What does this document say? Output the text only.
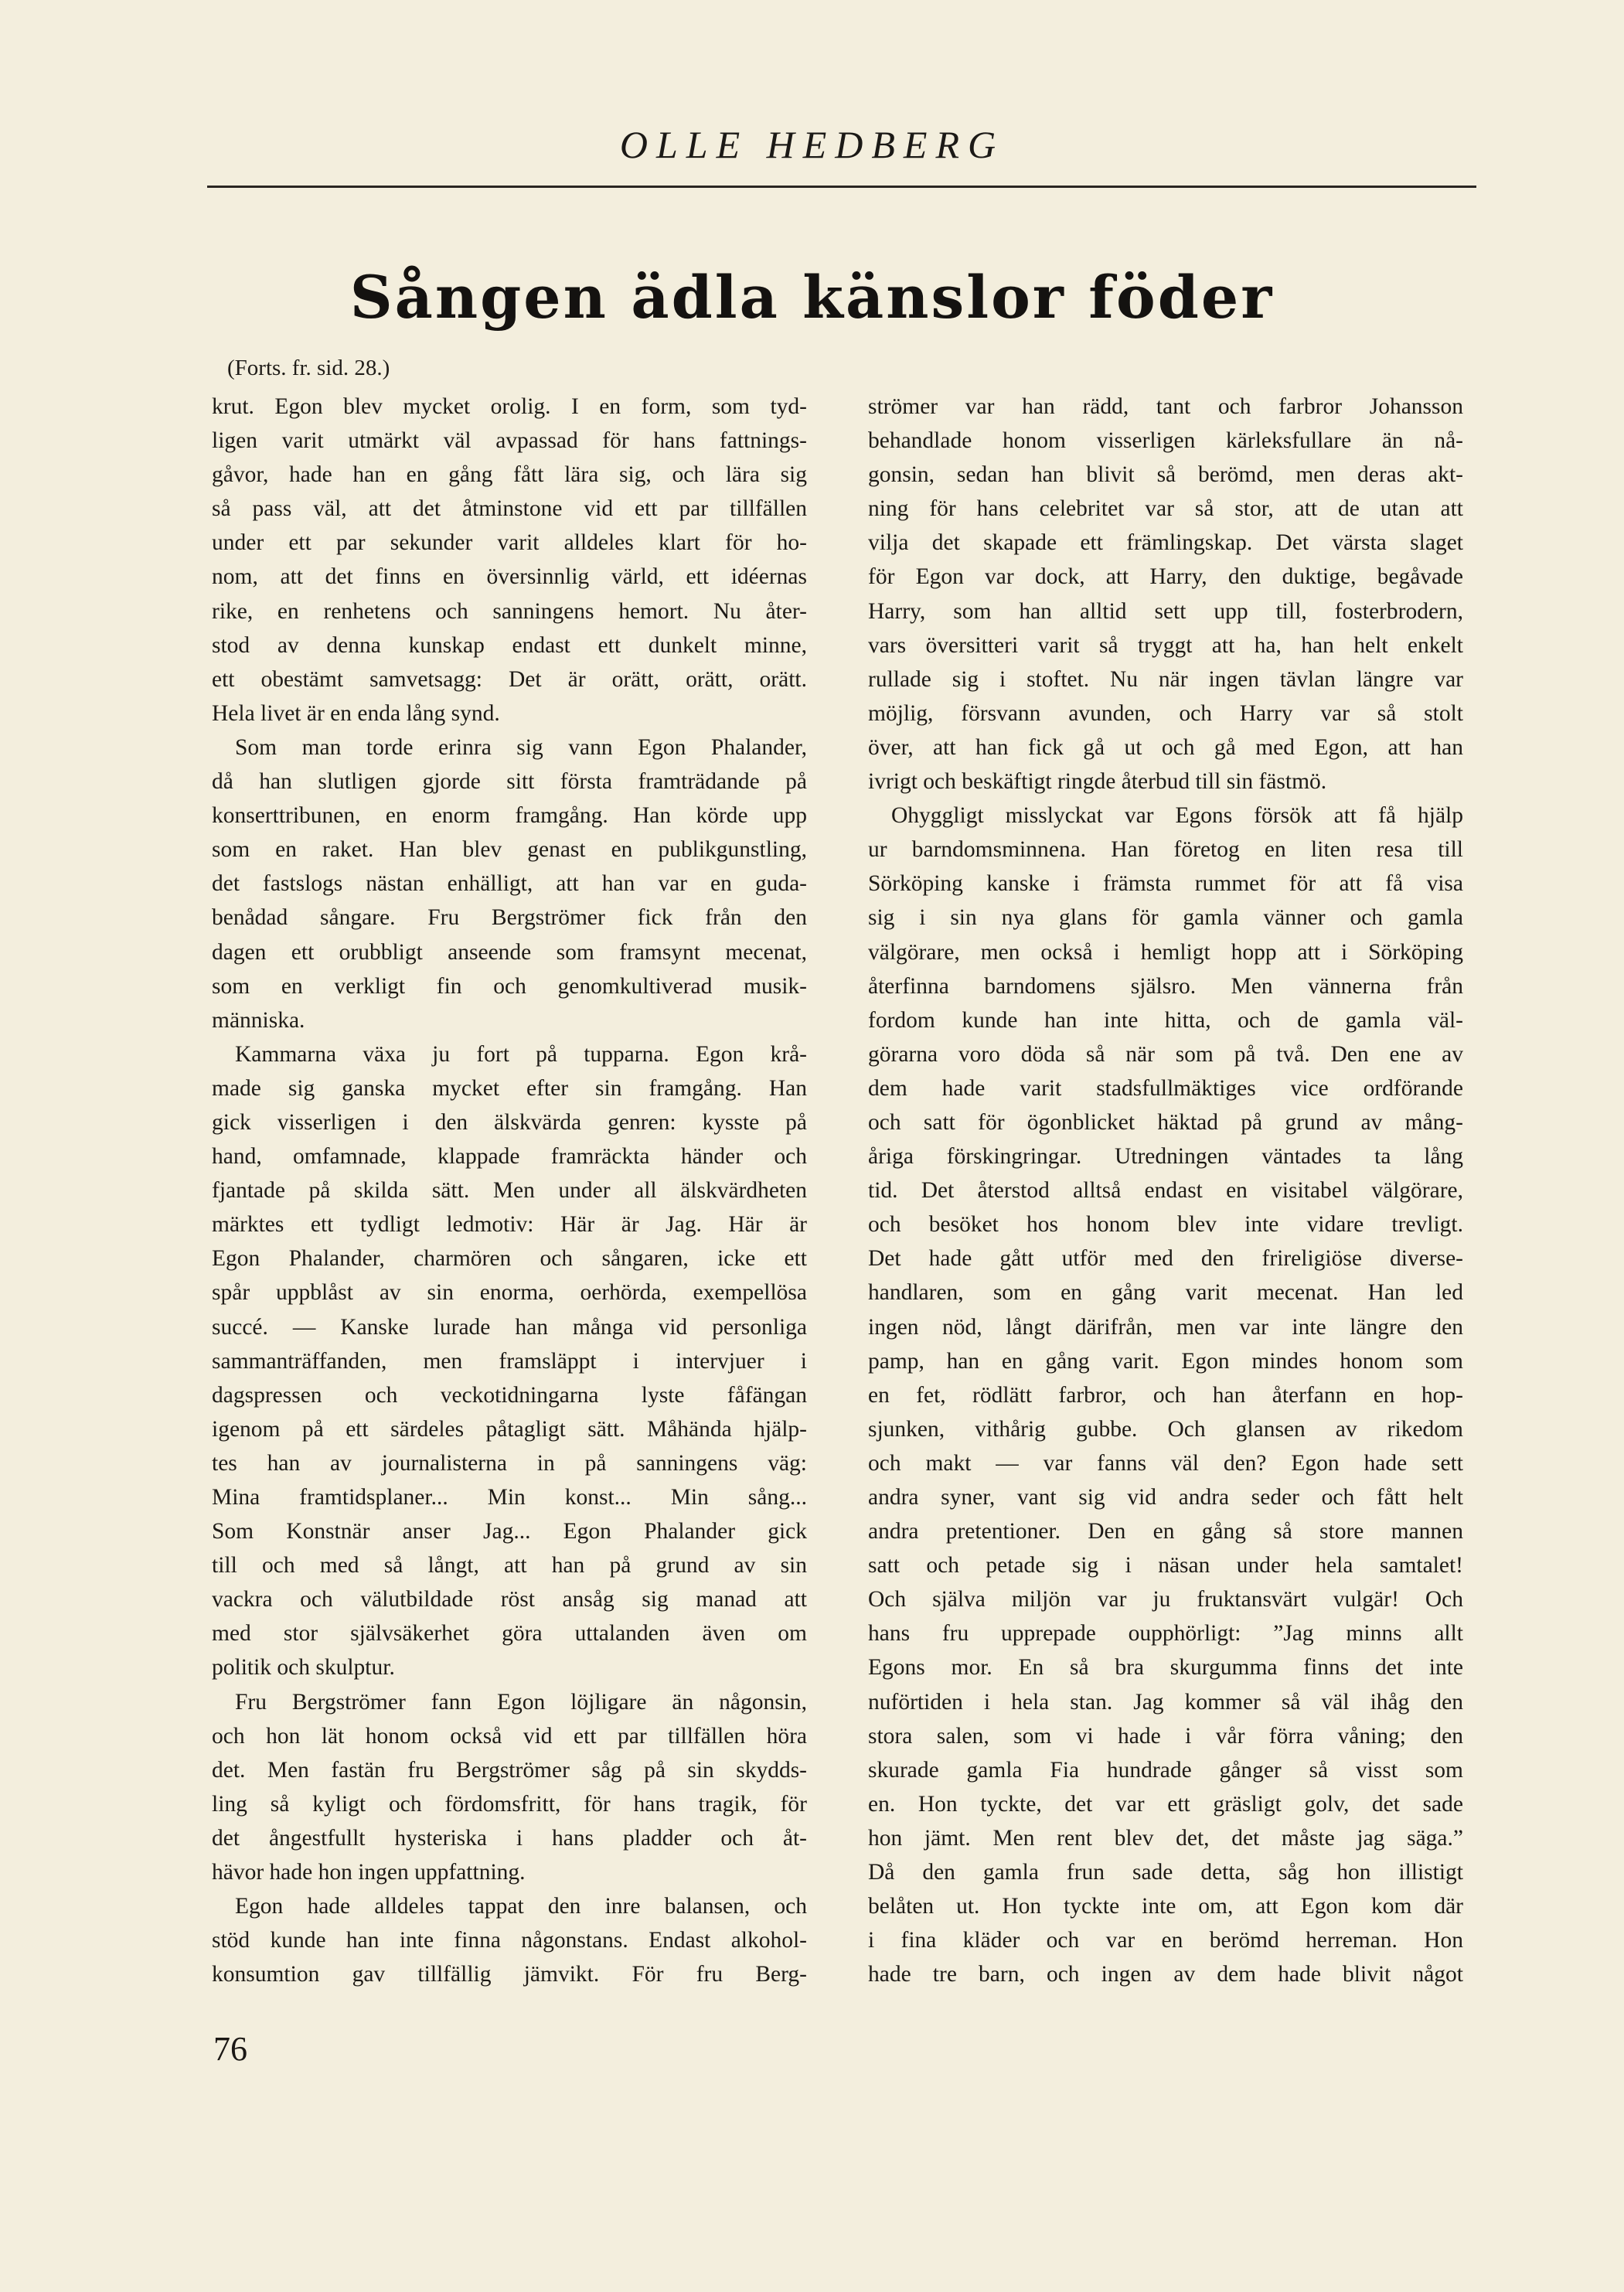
OLLE HEDBERG
Sången ädla känslor föder
(Forts. fr. sid. 28.)
krut. Egon blev mycket orolig. I en form, som tyd-
ligen varit utmärkt väl avpassad för hans fattnings-
gåvor, hade han en gång fått lära sig, och lära sig
så pass väl, att det åtminstone vid ett par tillfällen
under ett par sekunder varit alldeles klart för ho-
nom, att det finns en översinnlig värld, ett idéernas
rike, en renhetens och sanningens hemort. Nu åter-
stod av denna kunskap endast ett dunkelt minne,
ett obestämt samvetsagg: Det är orätt, orätt, orätt.
Hela livet är en enda lång synd.
Som man torde erinra sig vann Egon Phalander,
då han slutligen gjorde sitt första framträdande på
konserttribunen, en enorm framgång. Han körde upp
som en raket. Han blev genast en publikgunstling,
det fastslogs nästan enhälligt, att han var en guda-
benådad sångare. Fru Bergströmer fick från den
dagen ett orubbligt anseende som framsynt mecenat,
som en verkligt fin och genomkultiverad musik-
människa.
Kammarna växa ju fort på tupparna. Egon krå-
made sig ganska mycket efter sin framgång. Han
gick visserligen i den älskvärda genren: kysste på
hand, omfamnade, klappade framräckta händer och
fjantade på skilda sätt. Men under all älskvärdheten
märktes ett tydligt ledmotiv: Här är Jag. Här är
Egon Phalander, charmören och sångaren, icke ett
spår uppblåst av sin enorma, oerhörda, exempellösa
succé. — Kanske lurade han många vid personliga
sammanträffanden, men framsläppt i intervjuer i
dagspressen och veckotidningarna lyste fåfängan
igenom på ett särdeles påtagligt sätt. Måhända hjälp-
tes han av journalisterna in på sanningens väg:
Mina framtidsplaner... Min konst... Min sång...
Som Konstnär anser Jag... Egon Phalander gick
till och med så långt, att han på grund av sin
vackra och välutbildade röst ansåg sig manad att
med stor självsäkerhet göra uttalanden även om
politik och skulptur.
Fru Bergströmer fann Egon löjligare än någonsin,
och hon lät honom också vid ett par tillfällen höra
det. Men fastän fru Bergströmer såg på sin skydds-
ling så kyligt och fördomsfritt, för hans tragik, för
det ångestfullt hysteriska i hans pladder och åt-
hävor hade hon ingen uppfattning.
Egon hade alldeles tappat den inre balansen, och
stöd kunde han inte finna någonstans. Endast alkohol-
konsumtion gav tillfällig jämvikt. För fru Berg-
strömer var han rädd, tant och farbror Johansson
behandlade honom visserligen kärleksfullare än nå-
gonsin, sedan han blivit så berömd, men deras akt-
ning för hans celebritet var så stor, att de utan att
vilja det skapade ett främlingskap. Det värsta slaget
för Egon var dock, att Harry, den duktige, begåvade
Harry, som han alltid sett upp till, fosterbrodern,
vars översitteri varit så tryggt att ha, han helt enkelt
rullade sig i stoftet. Nu när ingen tävlan längre var
möjlig, försvann avunden, och Harry var så stolt
över, att han fick gå ut och gå med Egon, att han
ivrigt och beskäftigt ringde återbud till sin fästmö.
Ohyggligt misslyckat var Egons försök att få hjälp
ur barndomsminnena. Han företog en liten resa till
Sörköping kanske i främsta rummet för att få visa
sig i sin nya glans för gamla vänner och gamla
välgörare, men också i hemligt hopp att i Sörköping
återfinna barndomens själsro. Men vännerna från
fordom kunde han inte hitta, och de gamla väl-
görarna voro döda så när som på två. Den ene av
dem hade varit stadsfullmäktiges vice ordförande
och satt för ögonblicket häktad på grund av mång-
åriga förskingringar. Utredningen väntades ta lång
tid. Det återstod alltså endast en visitabel välgörare,
och besöket hos honom blev inte vidare trevligt.
Det hade gått utför med den frireligiöse diverse-
handlaren, som en gång varit mecenat. Han led
ingen nöd, långt därifrån, men var inte längre den
pamp, han en gång varit. Egon mindes honom som
en fet, rödlätt farbror, och han återfann en hop-
sjunken, vithårig gubbe. Och glansen av rikedom
och makt — var fanns väl den? Egon hade sett
andra syner, vant sig vid andra seder och fått helt
andra pretentioner. Den en gång så store mannen
satt och petade sig i näsan under hela samtalet!
Och själva miljön var ju fruktansvärt vulgär! Och
hans fru upprepade oupphörligt: ”Jag minns allt
Egons mor. En så bra skurgumma finns det inte
nuförtiden i hela stan. Jag kommer så väl ihåg den
stora salen, som vi hade i vår förra våning; den
skurade gamla Fia hundrade gånger så visst som
en. Hon tyckte, det var ett gräsligt golv, det sade
hon jämt. Men rent blev det, det måste jag säga.”
Då den gamla frun sade detta, såg hon illistigt
belåten ut. Hon tyckte inte om, att Egon kom där
i fina kläder och var en berömd herreman. Hon
hade tre barn, och ingen av dem hade blivit något
76
